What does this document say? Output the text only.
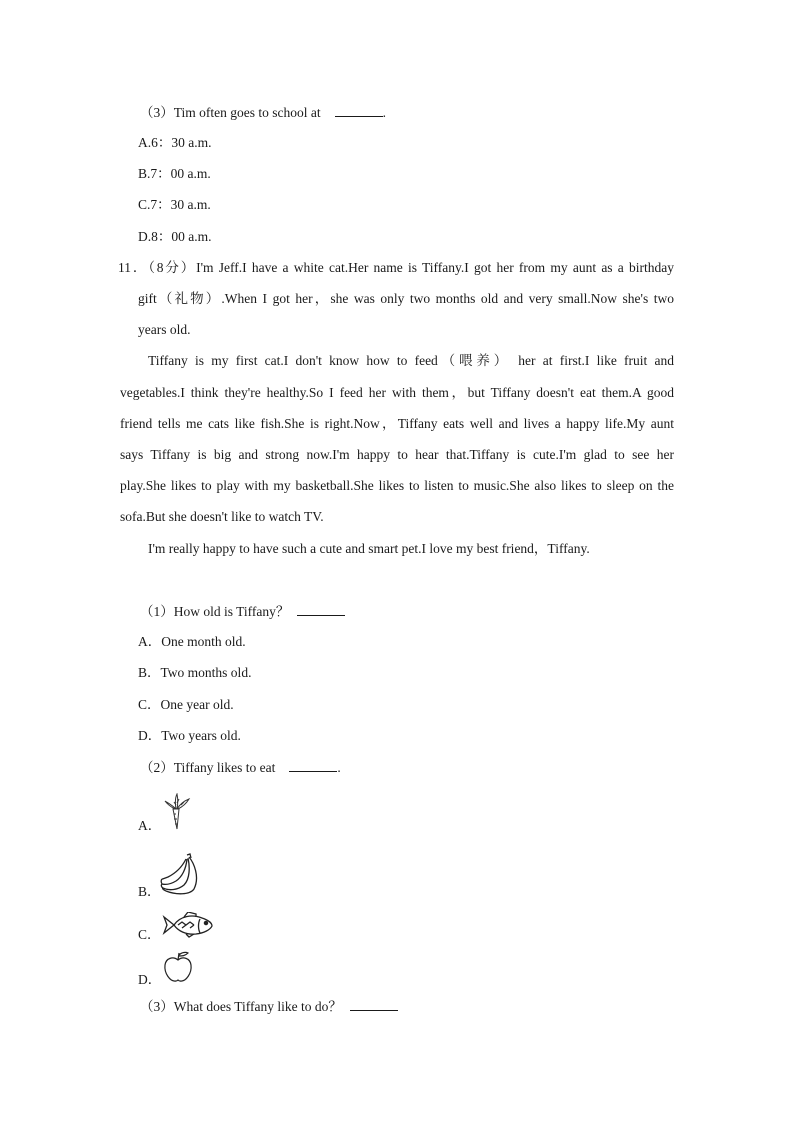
（3）Tim often goes to school at	.
A.6：30 a.m.
B.7：00 a.m.
C.7：30 a.m.
D.8：00 a.m.
11．（8分）I'm Jeff.I have a white cat.Her name is Tiffany.I got her from my aunt as a birthday
gift（礼物）.When I got her，she was only two months old and very small.Now she's two
years old.
Tiffany is my first cat.I don't know how to feed（喂养） her at first.I like fruit and
vegetables.I think they're healthy.So I feed her with them，but Tiffany doesn't eat them.A good
friend tells me cats like fish.She is right.Now，Tiffany eats well and lives a happy life.My aunt
says Tiffany is big and strong now.I'm happy to hear that.Tiffany is cute.I'm glad to see her
play.She likes to play with my basketball.She likes to listen to music.She also likes to sleep on the
sofa.But she doesn't like to watch TV.
I'm really happy to have such a cute and smart pet.I love my best friend，Tiffany.
（1）How old is Tiffany？
A．One month old.
B．Two months old.
C．One year old.
D．Two years old.
（2）Tiffany likes to eat	.
A．
B．
C．
D．
（3）What does Tiffany like to do？
